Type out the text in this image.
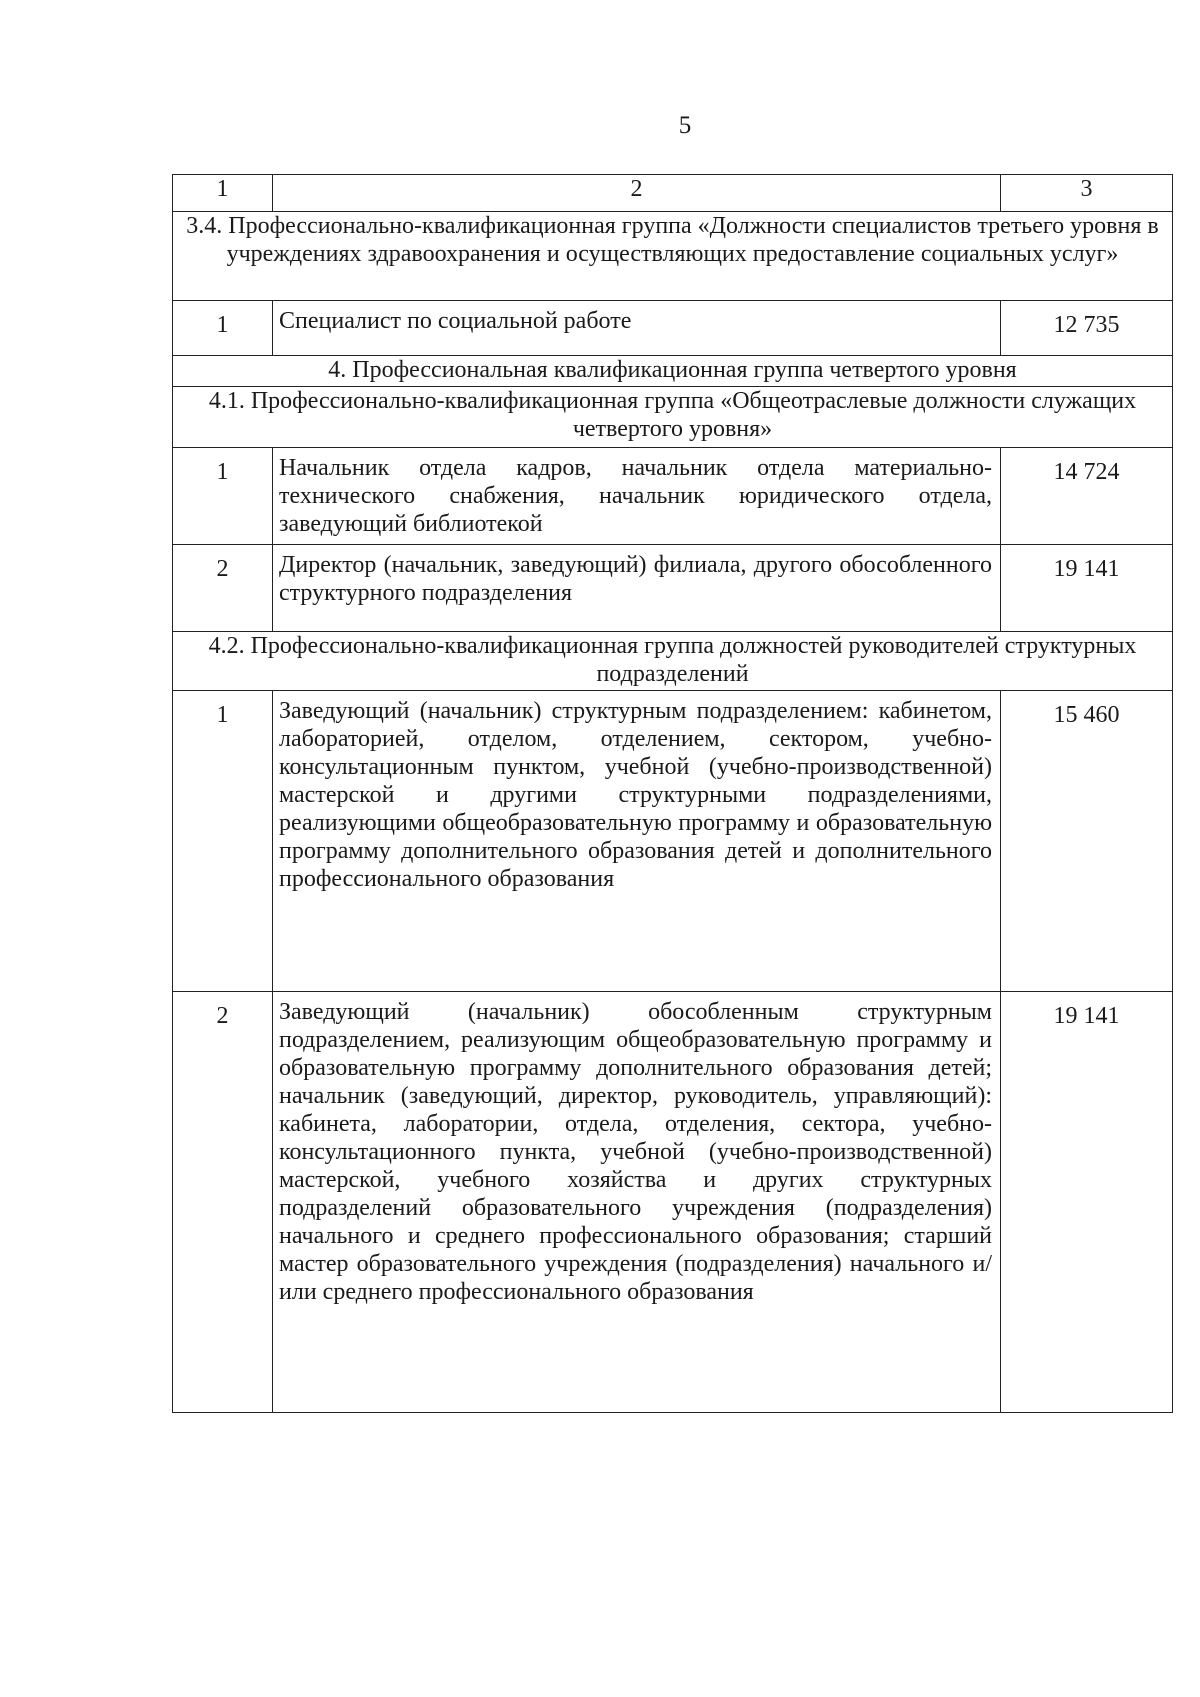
5
1	2	3
3.4. Профессионально-квалификационная группа «Должности специалистов третьего уровня в учреждениях здравоохранения и осуществляющих предоставление социальных услуг»		
1	Специалист по социальной работе	12 735
4. Профессиональная квалификационная группа четвертого уровня		
4.1. Профессионально-квалификационная группа «Общеотраслевые должности служащих четвертого уровня»		
1	Начальник отдела кадров, начальник отдела материально-технического снабжения, начальник юридического отдела, заведующий библиотекой	14 724
2	Директор (начальник, заведующий) филиала, другого обособленного структурного подразделения	19 141
4.2. Профессионально-квалификационная группа должностей руководителей структурных подразделений		
1	Заведующий (начальник) структурным подразделением: кабинетом, лабораторией, отделом, отделением, сектором, учебно-консультационным пунктом, учебной (учебно-производственной) мастерской и другими структурными подразделениями, реализующими общеобразовательную программу и образовательную программу дополнительного образования детей и дополнительного профессионального образования	15 460
2	Заведующий (начальник) обособленным структурным подразделением, реализующим общеобразовательную программу и образовательную программу дополнительного образования детей; начальник (заведующий, директор, руководитель, управляющий): кабинета, лаборатории, отдела, отделения, сектора, учебно-консультационного пункта, учебной (учебно-производственной) мастерской, учебного хозяйства и других структурных подразделений образовательного учреждения (подразделения) начального и среднего профессионального образования; старший мастер образовательного учреждения (подразделения) начального и/или среднего профессионального образования	19 141
